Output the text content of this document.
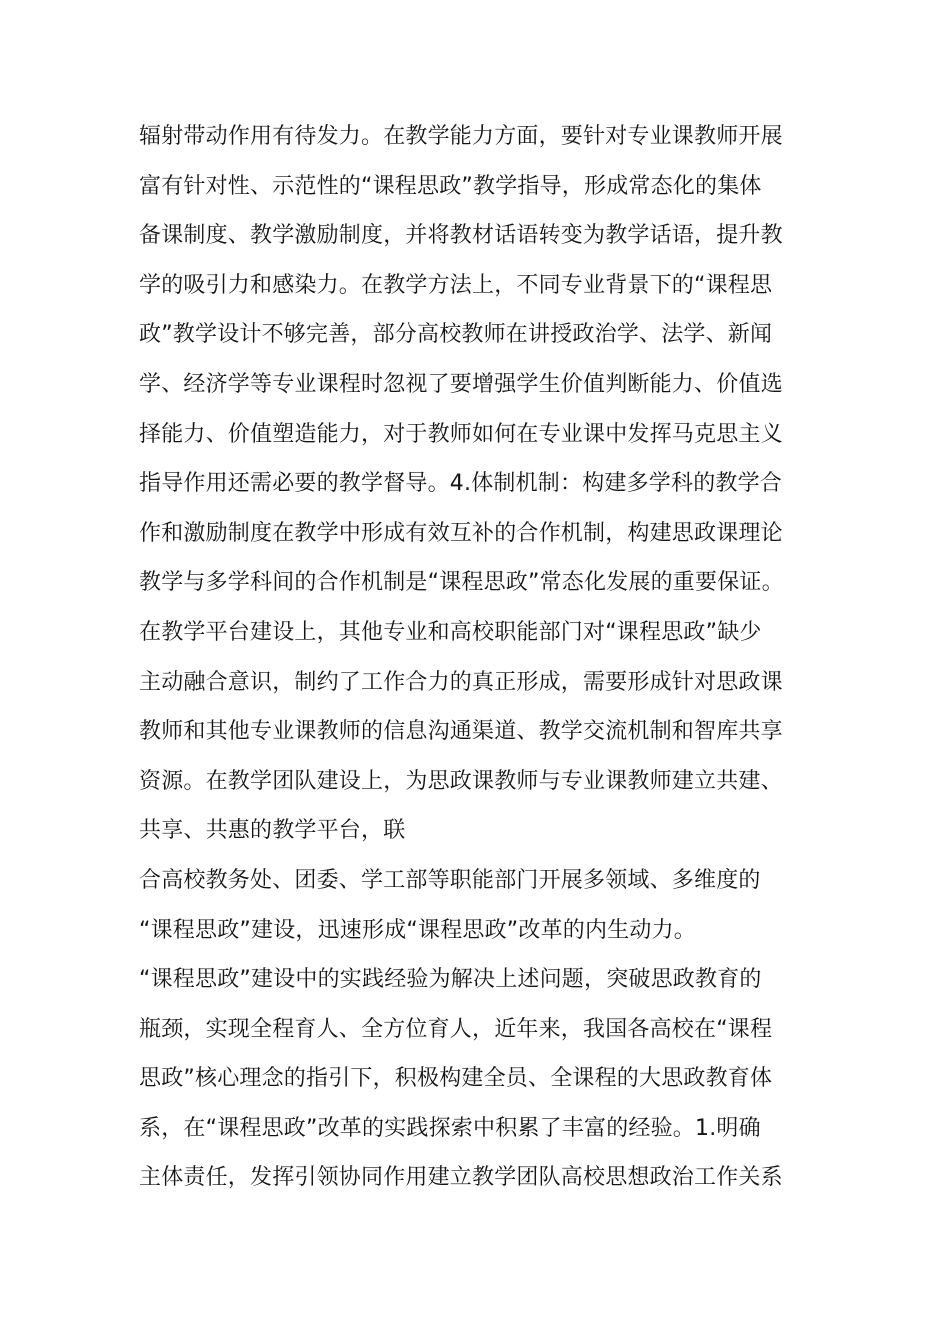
辐射带动作用有待发力。在教学能力方面，要针对专业课教师开展
富有针对性、示范性的“课程思政”教学指导，形成常态化的集体
备课制度、教学激励制度，并将教材话语转变为教学话语，提升教
学的吸引力和感染力。在教学方法上，不同专业背景下的“课程思
政”教学设计不够完善，部分高校教师在讲授政治学、法学、新闻
学、经济学等专业课程时忽视了要增强学生价值判断能力、价值选
择能力、价值塑造能力，对于教师如何在专业课中发挥马克思主义
指导作用还需必要的教学督导。4.体制机制：构建多学科的教学合
作和激励制度在教学中形成有效互补的合作机制，构建思政课理论
教学与多学科间的合作机制是“课程思政”常态化发展的重要保证。
在教学平台建设上，其他专业和高校职能部门对“课程思政”缺少
主动融合意识，制约了工作合力的真正形成，需要形成针对思政课
教师和其他专业课教师的信息沟通渠道、教学交流机制和智库共享
资源。在教学团队建设上，为思政课教师与专业课教师建立共建、
共享、共惠的教学平台，联
合高校教务处、团委、学工部等职能部门开展多领域、多维度的
“课程思政”建设，迅速形成“课程思政”改革的内生动力。
“课程思政”建设中的实践经验为解决上述问题，突破思政教育的
瓶颈，实现全程育人、全方位育人，近年来，我国各高校在“课程
思政”核心理念的指引下，积极构建全员、全课程的大思政教育体
系，在“课程思政”改革的实践探索中积累了丰富的经验。1.明确
主体责任，发挥引领协同作用建立教学团队高校思想政治工作关系
